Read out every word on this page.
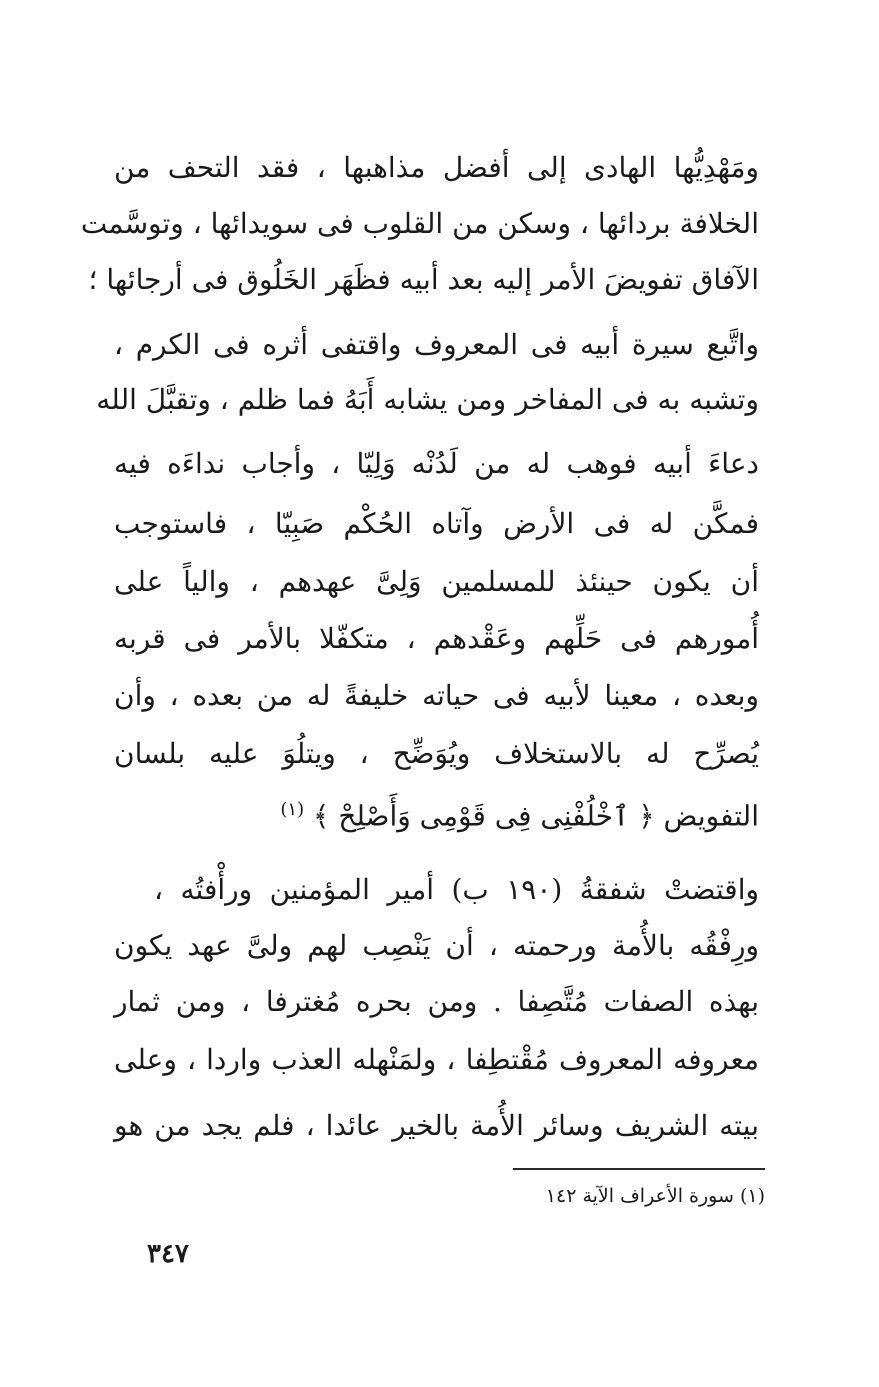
ومَهْدِيُّها الهادى إلى أفضل مذاهبها ، فقد التحف من
الخلافة بردائها ، وسكن من القلوب فى سويدائها ، وتوسَّمت
الآفاق تفويضَ الأمر إليه بعد أبيه فظَهَر الخَلُوق فى أرجائها ؛
واتَّبع سيرة أبيه فى المعروف واقتفى أثره فى الكرم ،
وتشبه به فى المفاخر ومن يشابه أَبَهُ فما ظلم ، وتقبَّلَ الله
دعاءَ أبيه فوهب له من لَدُنْه وَلِيّا ، وأجاب نداءَه فيه
فمكَّن له فى الأرض وآتاه الحُكْم صَبِيّا ، فاستوجب
أن يكون حينئذ للمسلمين وَلِىَّ عهدهم ، والياً على
أُمورهم فى حَلِّهم وعَقْدهم ، متكفّلا بالأمر فى قربه
وبعده ، معينا لأبيه فى حياته خليفةً له من بعده ، وأن
يُصرِّح له بالاستخلاف ويُوَضِّح ، ويتلُوَ عليه بلسان
التفويض ﴿ ٱخْلُفْنِى فِى قَوْمِى وَأَصْلِحْ ﴾ $^{(١)}$
واقتضتْ شفقةُ (١٩٠ ب) أمير المؤمنين ورأْفتُه ،
ورِفْقُه بالأُمة ورحمته ، أن يَنْصِب لهم ولىَّ عهد يكون
بهذه الصفات مُتَّصِفا . ومن بحره مُغترفا ، ومن ثمار
معروفه المعروف مُقْتطِفا ، ولمَنْهله العذب واردا ، وعلى
بيته الشريف وسائر الأُمة بالخير عائدا ، فلم يجد من هو
(١) سورة الأعراف الآية ١٤٢
٣٤٧
